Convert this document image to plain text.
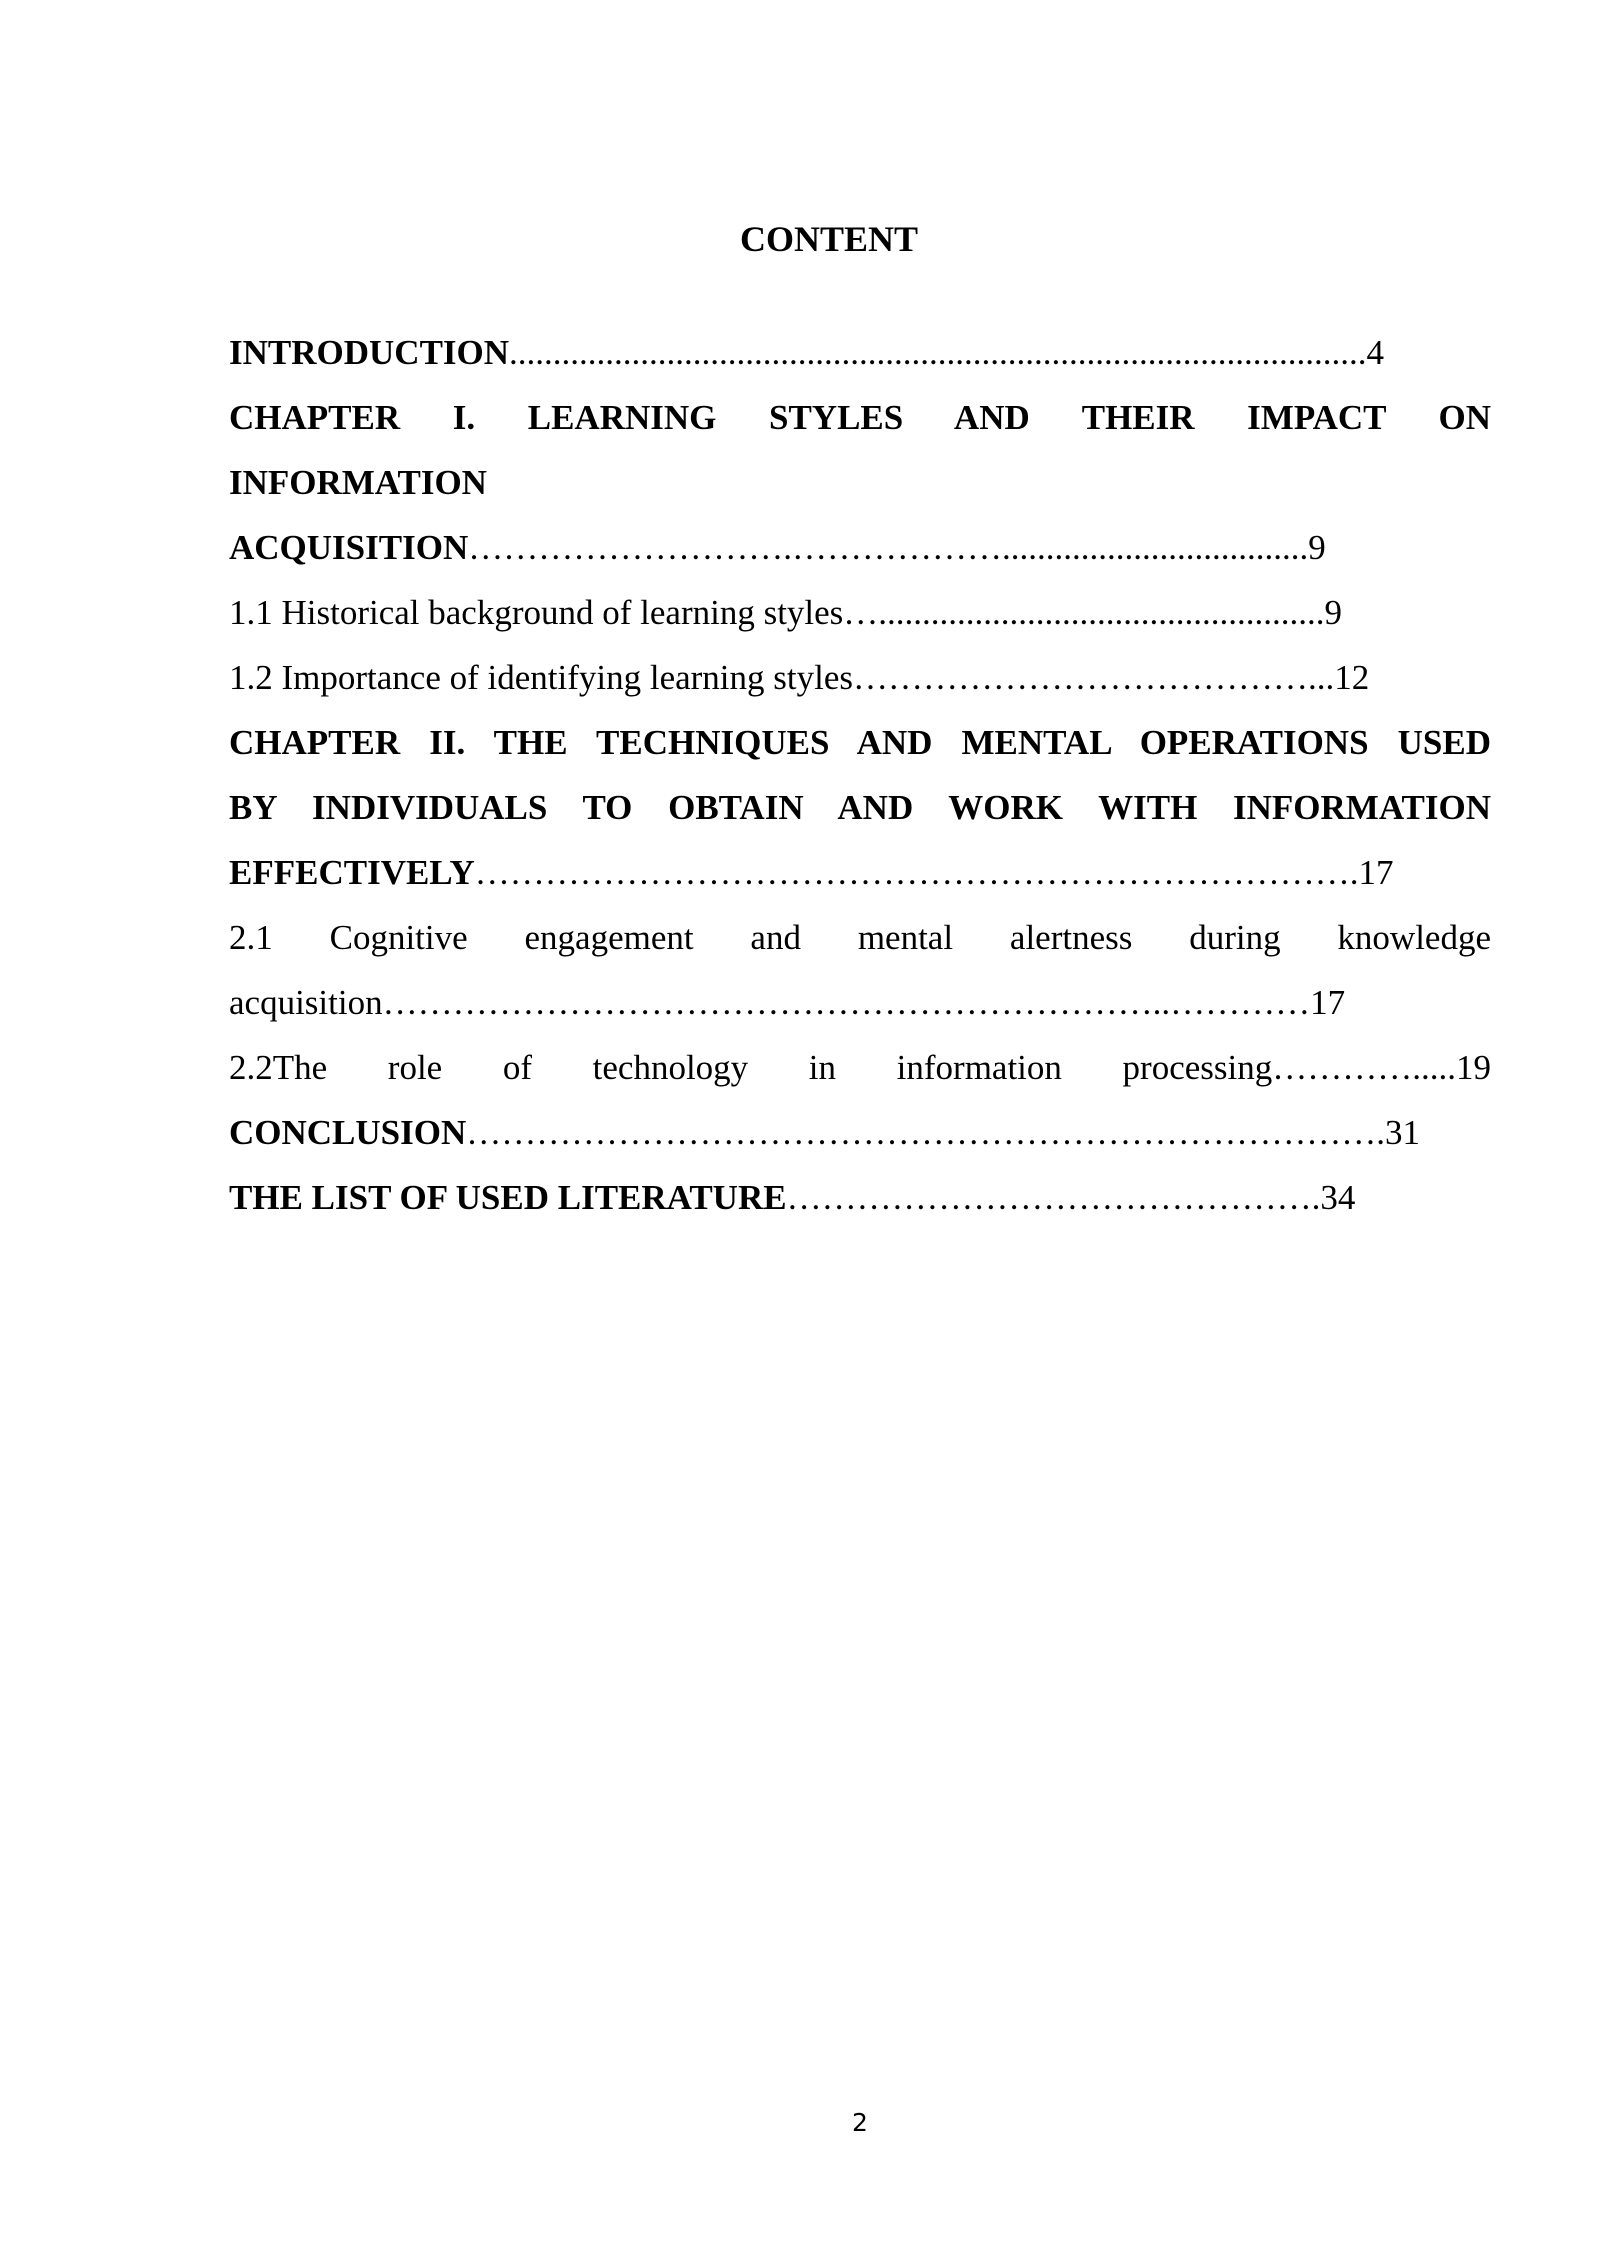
CONTENT
INTRODUCTION..................................................................................................4
CHAPTER I. LEARNING STYLES AND THEIR IMPACT ON
INFORMATION
ACQUISITION……………………….………………...................................9
1.1 Historical background of learning styles…...................................................9
1.2 Importance of identifying learning styles…………………………………...12
CHAPTER II. THE TECHNIQUES AND MENTAL OPERATIONS USED
BY INDIVIDUALS TO OBTAIN AND WORK WITH INFORMATION
EFFECTIVELY………………………………………………………………….17
2.1 Cognitive engagement and mental alertness during knowledge
acquisition…………………………………………………………..…………17
2.2The role of technology in information processing………….....19
CONCLUSION…………………………………………………………………….31
THE LIST OF USED LITERATURE……………………………………….34
2
